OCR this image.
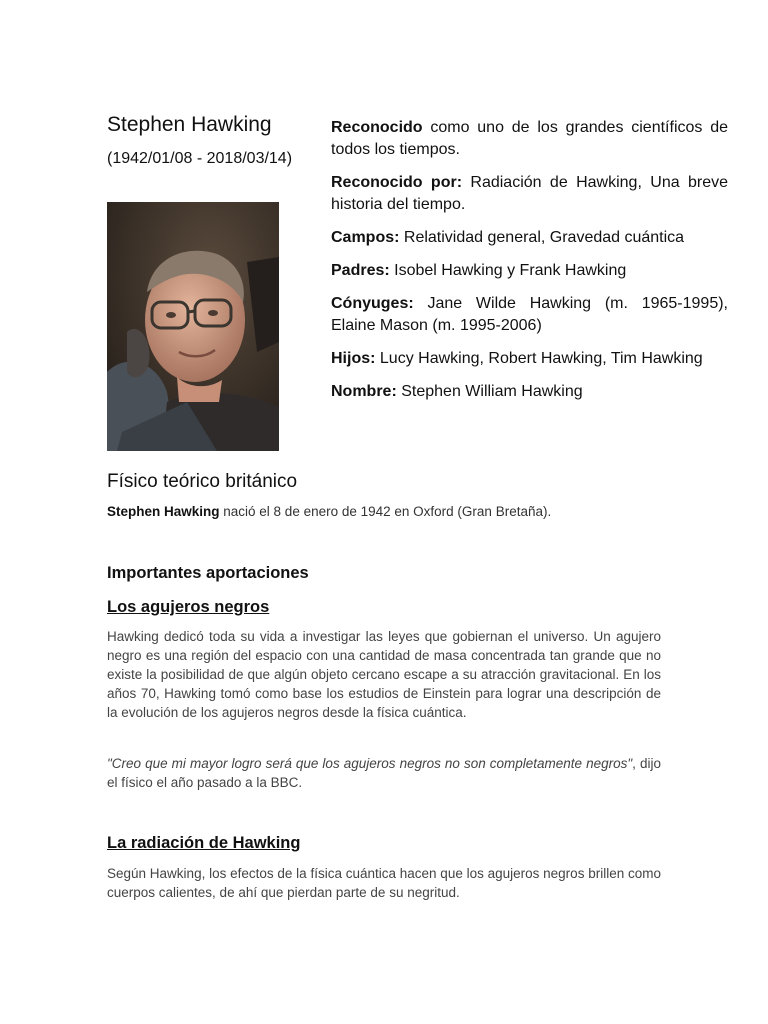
Stephen Hawking
(1942/01/08 - 2018/03/14)

Reconocido como uno de los grandes científicos de todos los tiempos.

Reconocido por: Radiación de Hawking, Una breve historia del tiempo.

Campos: Relatividad general, Gravedad cuántica

Padres: Isobel Hawking y Frank Hawking

Cónyuges: Jane Wilde Hawking (m. 1965-1995), Elaine Mason (m. 1995-2006)

Hijos: Lucy Hawking, Robert Hawking, Tim Hawking

Nombre: Stephen William Hawking

Físico teórico británico
Stephen Hawking nació el 8 de enero de 1942 en Oxford (Gran Bretaña).
Importantes aportaciones
Los agujeros negros
Hawking dedicó toda su vida a investigar las leyes que gobiernan el universo. Un agujero negro es una región del espacio con una cantidad de masa concentrada tan grande que no existe la posibilidad de que algún objeto cercano escape a su atracción gravitacional. En los años 70, Hawking tomó como base los estudios de Einstein para lograr una descripción de la evolución de los agujeros negros desde la física cuántica.
"Creo que mi mayor logro será que los agujeros negros no son completamente negros", dijo el físico el año pasado a la BBC.
La radiación de Hawking
Según Hawking, los efectos de la física cuántica hacen que los agujeros negros brillen como cuerpos calientes, de ahí que pierdan parte de su negritud.
